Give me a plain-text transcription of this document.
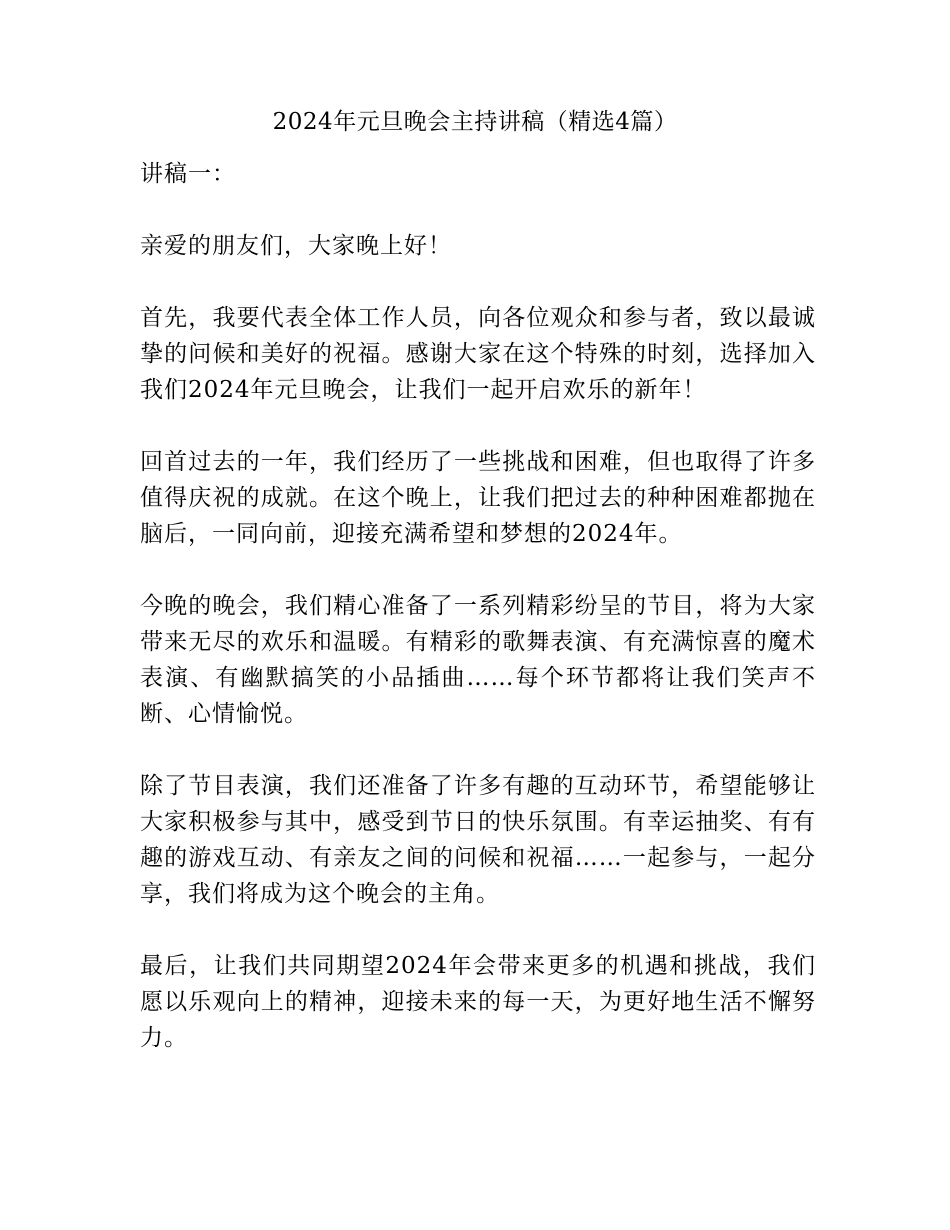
2024年元旦晚会主持讲稿（精选4篇）
讲稿一：
亲爱的朋友们，大家晚上好！
首先，我要代表全体工作人员，向各位观众和参与者，致以最诚挚的问候和美好的祝福。感谢大家在这个特殊的时刻，选择加入我们2024年元旦晚会，让我们一起开启欢乐的新年！
回首过去的一年，我们经历了一些挑战和困难，但也取得了许多值得庆祝的成就。在这个晚上，让我们把过去的种种困难都抛在脑后，一同向前，迎接充满希望和梦想的2024年。
今晚的晚会，我们精心准备了一系列精彩纷呈的节目，将为大家带来无尽的欢乐和温暖。有精彩的歌舞表演、有充满惊喜的魔术表演、有幽默搞笑的小品插曲……每个环节都将让我们笑声不断、心情愉悦。
除了节目表演，我们还准备了许多有趣的互动环节，希望能够让大家积极参与其中，感受到节日的快乐氛围。有幸运抽奖、有有趣的游戏互动、有亲友之间的问候和祝福……一起参与，一起分享，我们将成为这个晚会的主角。
最后，让我们共同期望2024年会带来更多的机遇和挑战，我们愿以乐观向上的精神，迎接未来的每一天，为更好地生活不懈努力。
